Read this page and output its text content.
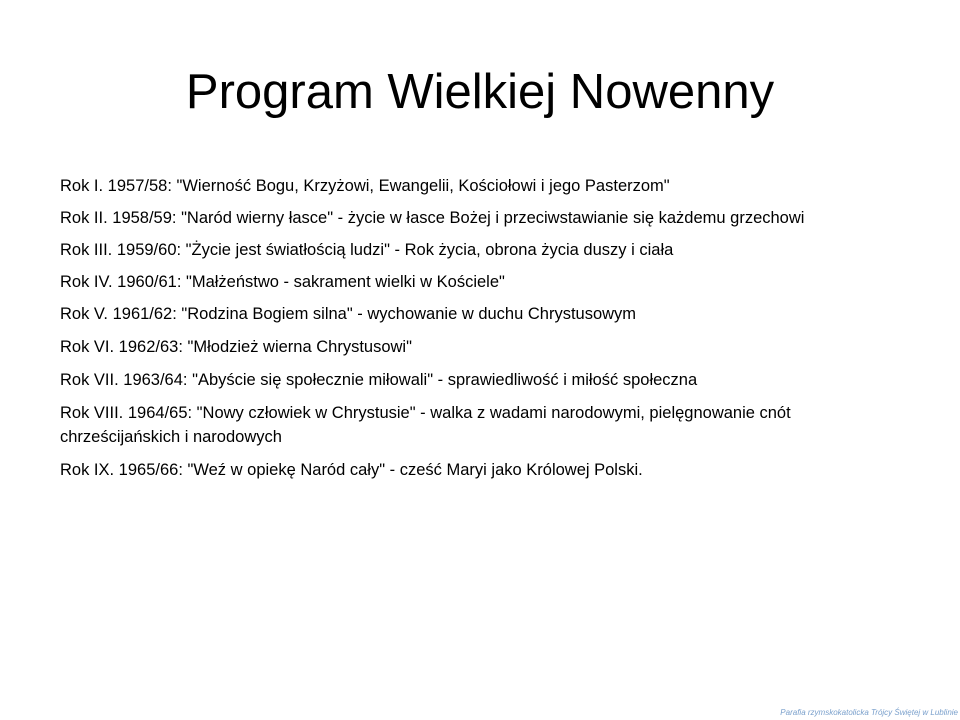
Program Wielkiej Nowenny
Rok I. 1957/58: "Wierność Bogu, Krzyżowi, Ewangelii, Kościołowi i jego Pasterzom"
Rok II. 1958/59: "Naród wierny łasce" - życie w łasce Bożej i przeciwstawianie się każdemu grzechowi
Rok III. 1959/60: "Życie jest światłością ludzi" - Rok życia, obrona życia duszy i ciała
Rok IV. 1960/61: "Małżeństwo - sakrament wielki w Kościele"
Rok V. 1961/62: "Rodzina Bogiem silna" - wychowanie w duchu Chrystusowym
Rok VI. 1962/63: "Młodzież wierna Chrystusowi"
Rok VII. 1963/64: "Abyście się społecznie miłowali" - sprawiedliwość i miłość społeczna
Rok VIII. 1964/65: "Nowy człowiek w Chrystusie" - walka z wadami narodowymi, pielęgnowanie cnót chrześcijańskich i narodowych
Rok IX. 1965/66: "Weź w opiekę Naród cały" - cześć Maryi jako Królowej Polski.
Parafia rzymskokatolicka Trójcy Świętej w Lublinie
